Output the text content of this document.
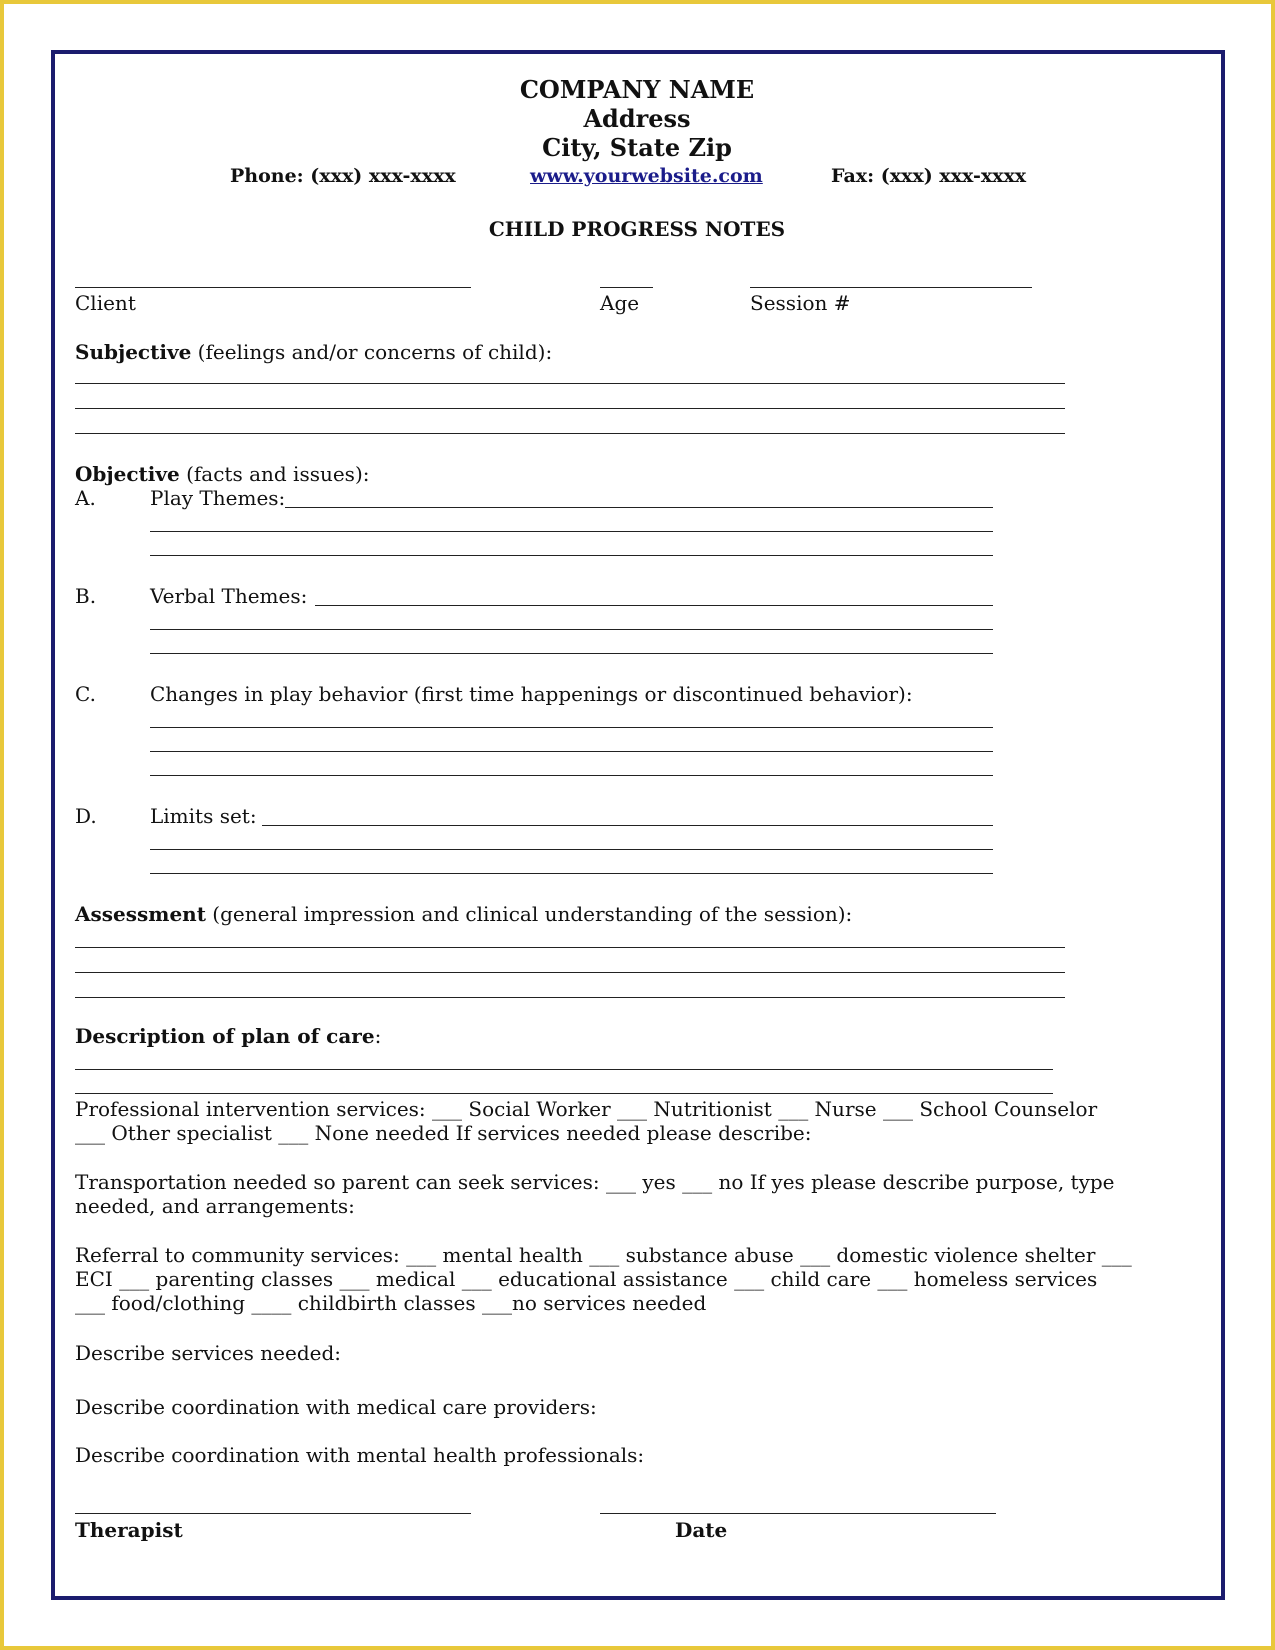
COMPANY NAME
Address
City, State Zip
Phone: (xxx) xxx-xxxx	www.yourwebsite.com	Fax: (xxx) xxx-xxxx
CHILD PROGRESS NOTES
Client	Age	Session #
Subjective (feelings and/or concerns of child):
Objective (facts and issues):
A.	Play Themes:
B.	Verbal Themes:
C.	Changes in play behavior (first time happenings or discontinued behavior):
D.	Limits set:
Assessment (general impression and clinical understanding of the session):
Description of plan of care:
Professional intervention services: ___ Social Worker ___ Nutritionist ___ Nurse ___ School Counselor
___ Other specialist ___ None needed If services needed please describe:
Transportation needed so parent can seek services: ___ yes ___ no If yes please describe purpose, type
needed, and arrangements:
Referral to community services: ___ mental health ___ substance abuse ___ domestic violence shelter ___
ECI ___ parenting classes ___ medical ___ educational assistance ___ child care ___ homeless services
___ food/clothing ____ childbirth classes ___no services needed
Describe services needed:
Describe coordination with medical care providers:
Describe coordination with mental health professionals:
Therapist	Date
